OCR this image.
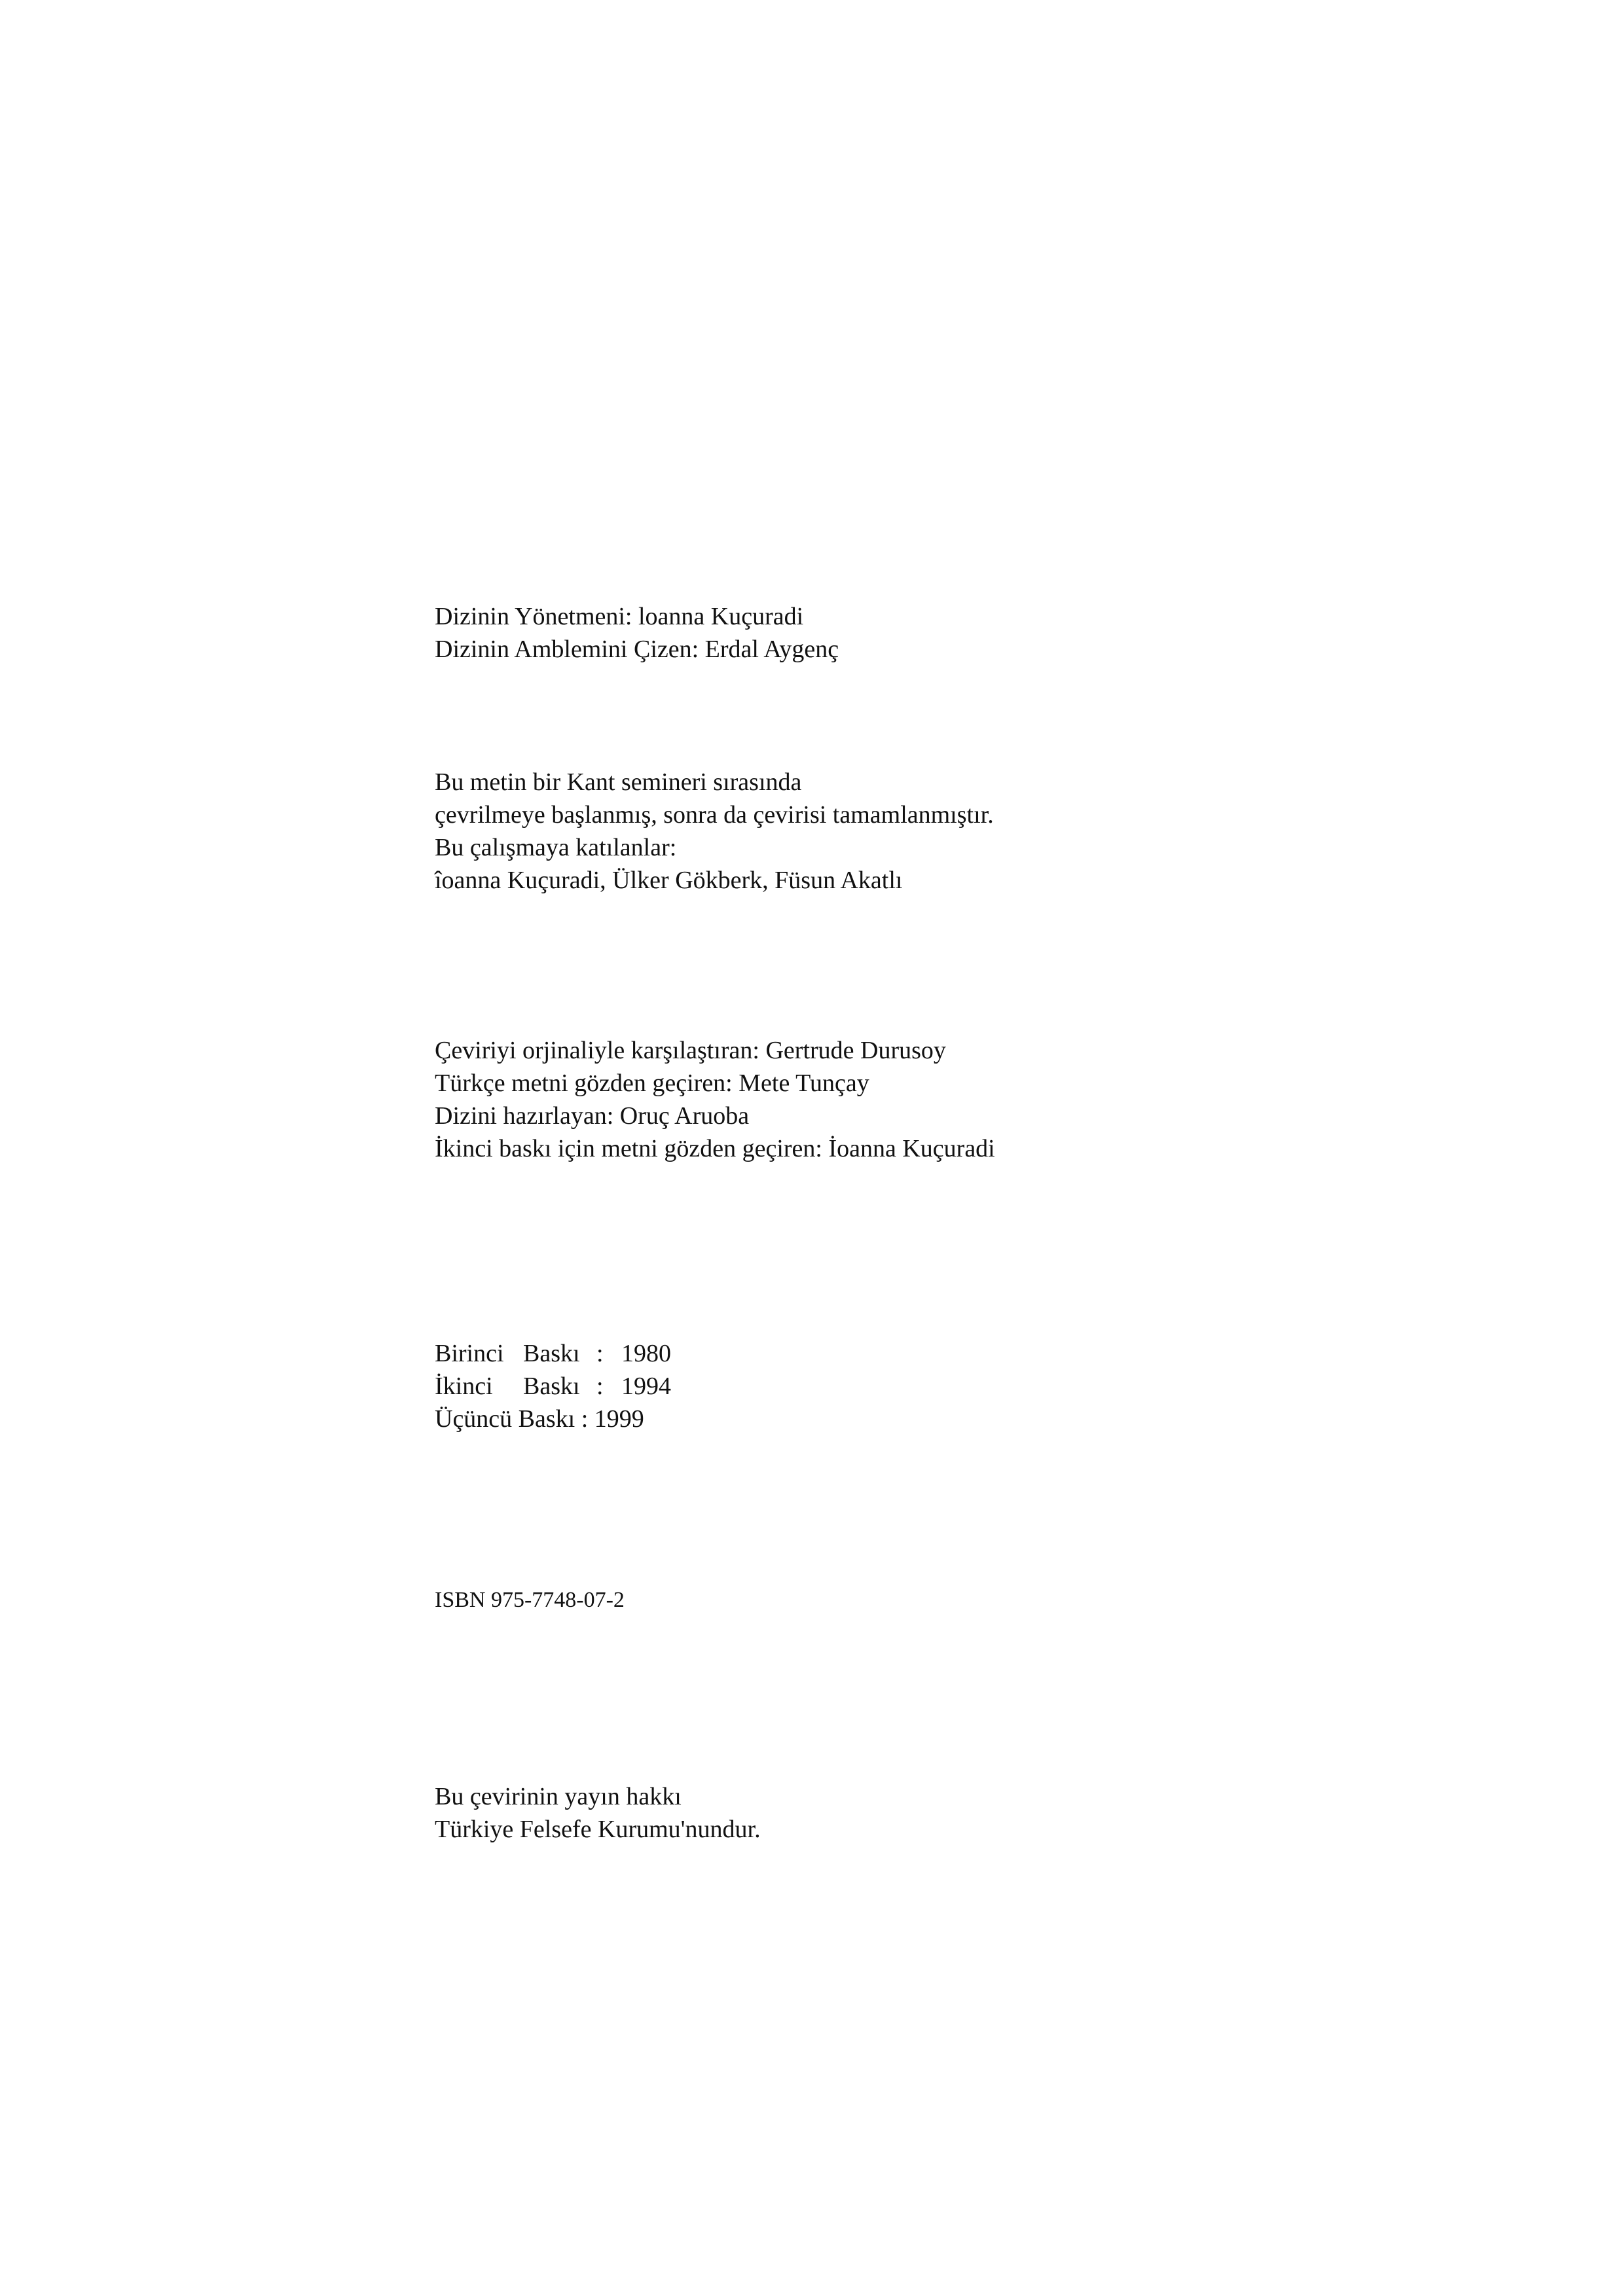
Dizinin Yönetmeni: loanna Kuçuradi
Dizinin Amblemini Çizen: Erdal Aygenç
Bu metin bir Kant semineri sırasında
çevrilmeye başlanmış, sonra da çevirisi tamamlanmıştır.
Bu çalışmaya katılanlar:
îoanna Kuçuradi, Ülker Gökberk, Füsun Akatlı
Çeviriyi orjinaliyle karşılaştıran: Gertrude Durusoy
Türkçe metni gözden geçiren: Mete Tunçay
Dizini hazırlayan: Oruç Aruoba
İkinci baskı için metni gözden geçiren: İoanna Kuçuradi
Birinci Baskı : 1980
İkinci Baskı : 1994
Üçüncü Baskı : 1999
ISBN 975-7748-07-2
Bu çevirinin yayın hakkı
Türkiye Felsefe Kurumu'nundur.
